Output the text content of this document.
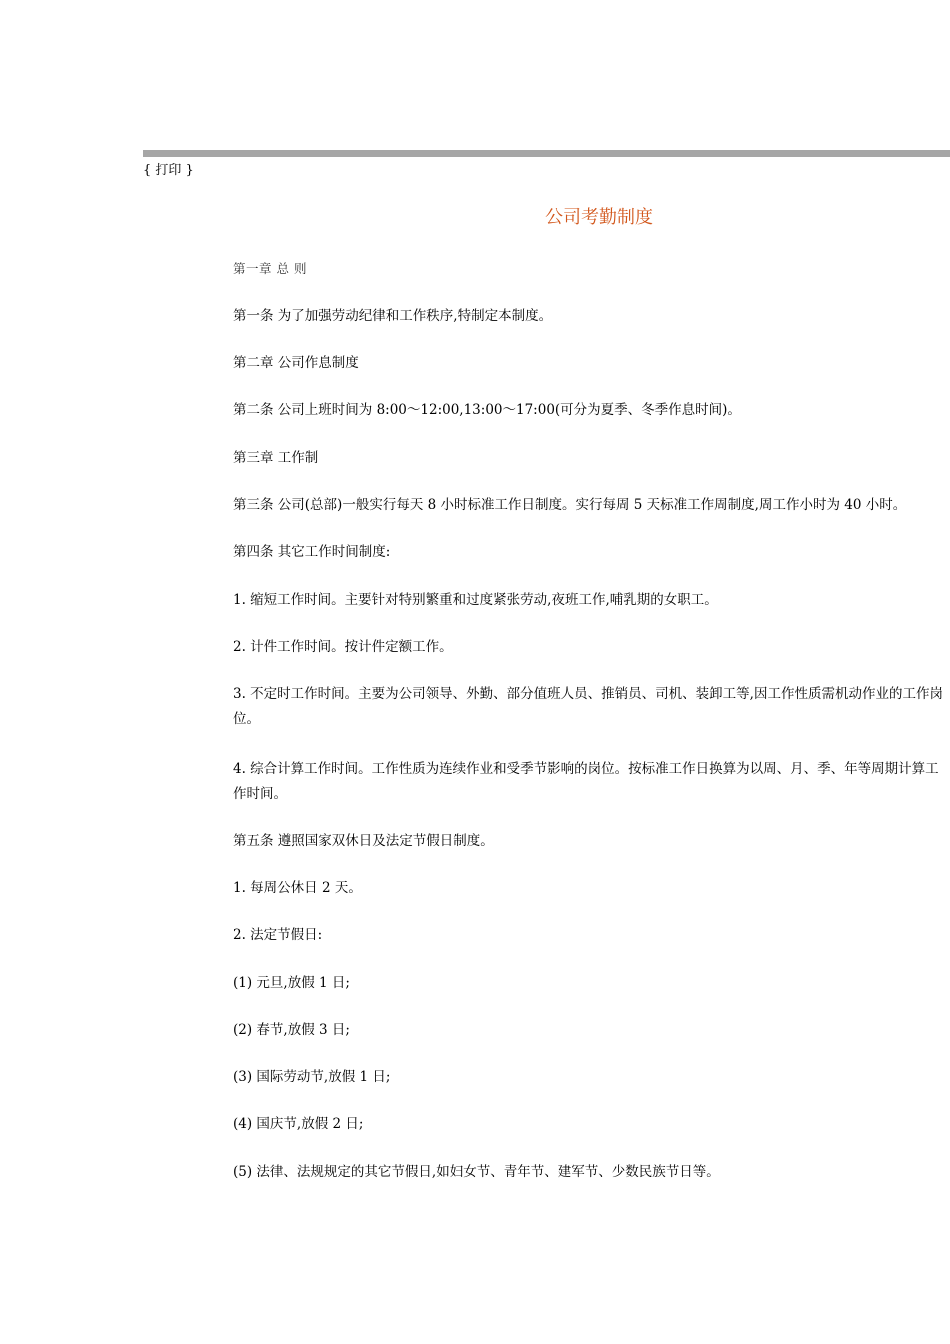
{ 打印 }
公司考勤制度

第一章 总 则

第一条 为了加强劳动纪律和工作秩序,特制定本制度。

第二章 公司作息制度

第二条 公司上班时间为 8:00～12:00,13:00～17:00(可分为夏季、冬季作息时间)。

第三章 工作制

第三条 公司(总部)一般实行每天 8 小时标准工作日制度。实行每周 5 天标准工作周制度,周工作小时为 40 小时。

第四条 其它工作时间制度:

1. 缩短工作时间。主要针对特别繁重和过度紧张劳动,夜班工作,哺乳期的女职工。

2. 计件工作时间。按计件定额工作。

3. 不定时工作时间。主要为公司领导、外勤、部分值班人员、推销员、司机、装卸工等,因工作性质需机动作业的工作岗位。

4. 综合计算工作时间。工作性质为连续作业和受季节影响的岗位。按标准工作日换算为以周、月、季、年等周期计算工作时间。

第五条 遵照国家双休日及法定节假日制度。

1. 每周公休日 2 天。

2. 法定节假日:

(1) 元旦,放假 1 日;

(2) 春节,放假 3 日;

(3) 国际劳动节,放假 1 日;

(4) 国庆节,放假 2 日;

(5) 法律、法规规定的其它节假日,如妇女节、青年节、建军节、少数民族节日等。
